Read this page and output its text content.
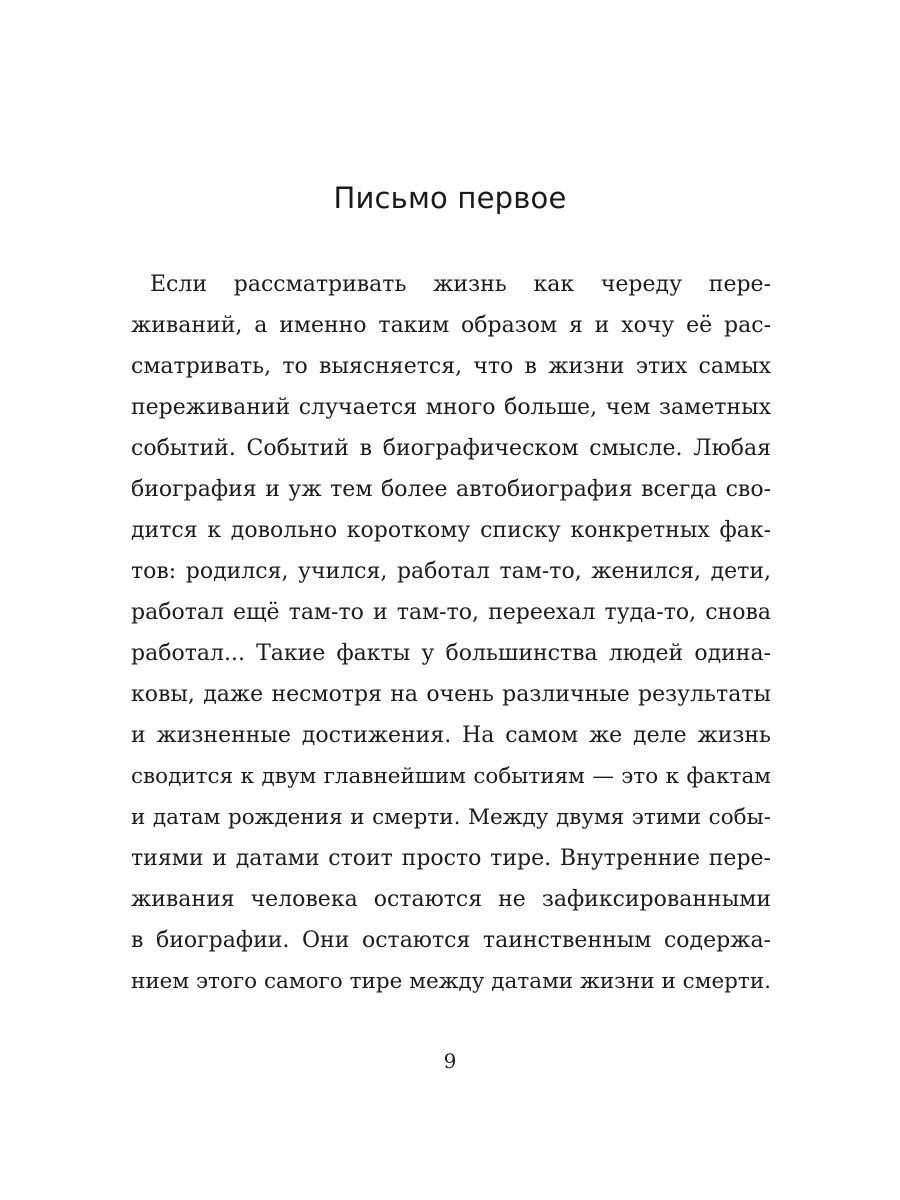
Письмо первое
Если рассматривать жизнь как череду пере-
живаний, а именно таким образом я и хочу её рас-
сматривать, то выясняется, что в жизни этих самых
переживаний случается много больше, чем заметных
событий. Событий в биографическом смысле. Любая
биография и уж тем более автобиография всегда сво-
дится к довольно короткому списку конкретных фак-
тов: родился, учился, работал там-то, женился, дети,
работал ещё там-то и там-то, переехал туда-то, снова
работал... Такие факты у большинства людей одина-
ковы, даже несмотря на очень различные результаты
и жизненные достижения. На самом же деле жизнь
сводится к двум главнейшим событиям — это к фактам
и датам рождения и смерти. Между двумя этими собы-
тиями и датами стоит просто тире. Внутренние пере-
живания человека остаются не зафиксированными
в биографии. Они остаются таинственным содержа-
нием этого самого тире между датами жизни и смерти.
9
